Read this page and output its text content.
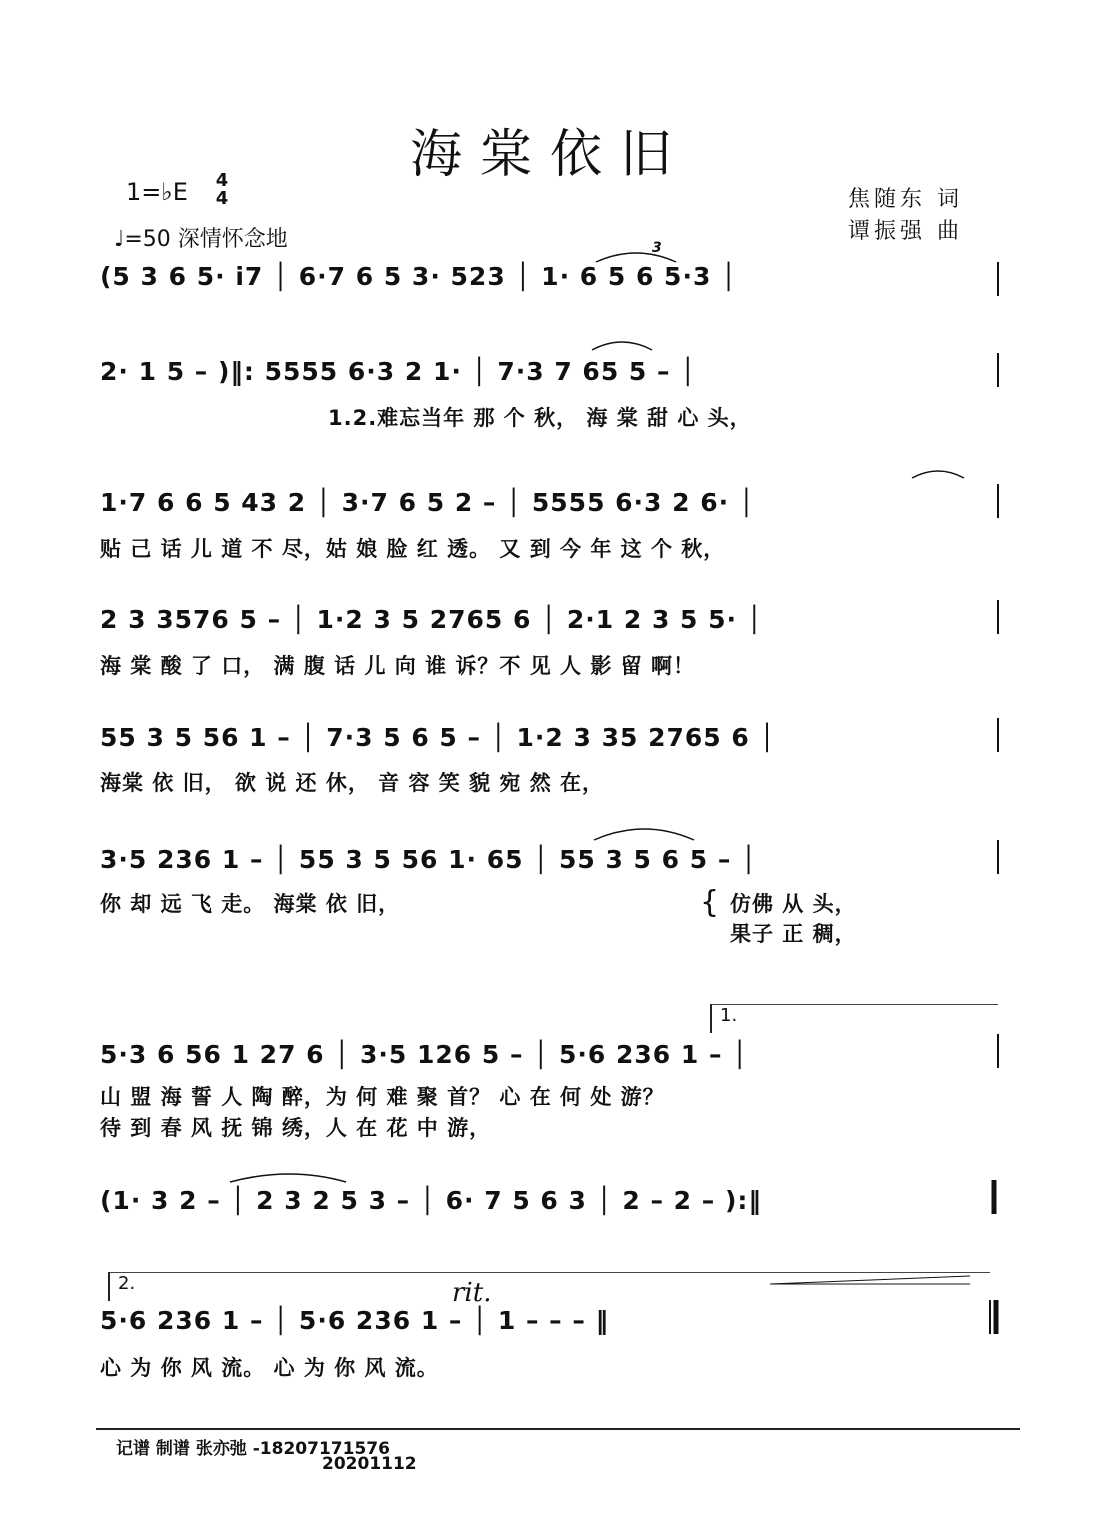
海棠依旧
1=♭E 4
4
♩=50 深情怀念地
焦随东 词
谭振强 曲
(5 3 6 5· i7 │ 6·7 6 5 3· 523 │ 1· 6 5 6 5·3 │
3
2· 1 5 – )‖: 5555 6·3 2 1· │ 7·3 7 65 5 – │
1.2.难忘当年 那 个 秋， 海 棠 甜 心 头，
1·7 6 6 5 43 2 │ 3·7 6 5 2 – │ 5555 6·3 2 6· │
贴 己 话 儿 道 不 尽，姑 娘 脸 红 透。 又 到 今 年 这 个 秋，
2 3 3576 5 – │ 1·2 3 5 2765 6 │ 2·1 2 3 5 5· │
海 棠 酸 了 口， 满 腹 话 儿 向 谁 诉？不 见 人 影 留 啊！
55 3 5 56 1 – │ 7·3 5 6 5 – │ 1·2 3 35 2765 6 │
海棠 依 旧， 欲 说 还 休， 音 容 笑 貌 宛 然 在，
3·5 236 1 – │ 55 3 5 56 1· 65 │ 55 3 5 6 5 – │
你 却 远 飞 走。 海棠 依 旧，	{ 仿佛 从 头，
果子 正 稠，
1.
5·3 6 56 1 27 6 │ 3·5 126 5 – │ 5·6 236 1 – │
山 盟 海 誓 人 陶 醉，为 何 难 聚 首？ 心 在 何 处 游？
待 到 春 风 抚 锦 绣，人 在 花 中 游，
(1· 3 2 – │ 2 3 2 5 3 – │ 6· 7 5 6 3 │ 2 – 2 – ):‖
2.	rit.
5·6 236 1 – │ 5·6 236 1 – │ 1 – – – ‖
心 为 你 风 流。 心 为 你 风 流。
记谱 制谱 张亦弛 -18207171576
20201112
